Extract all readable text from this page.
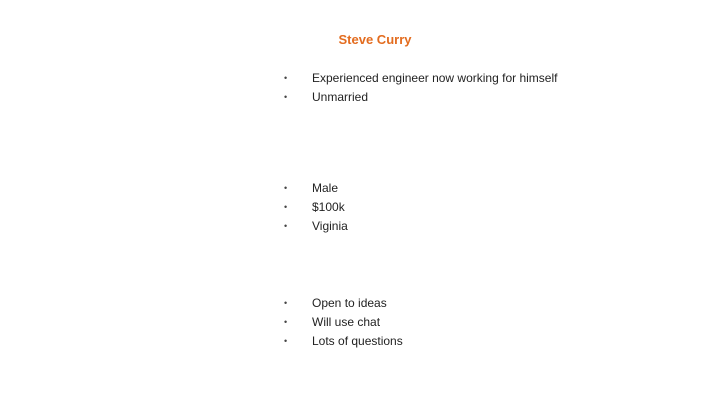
Steve Curry
• Experienced engineer now working for himself
• Unmarried
• Male
• $100k
• Viginia
• Open to ideas
• Will use chat
• Lots of questions
